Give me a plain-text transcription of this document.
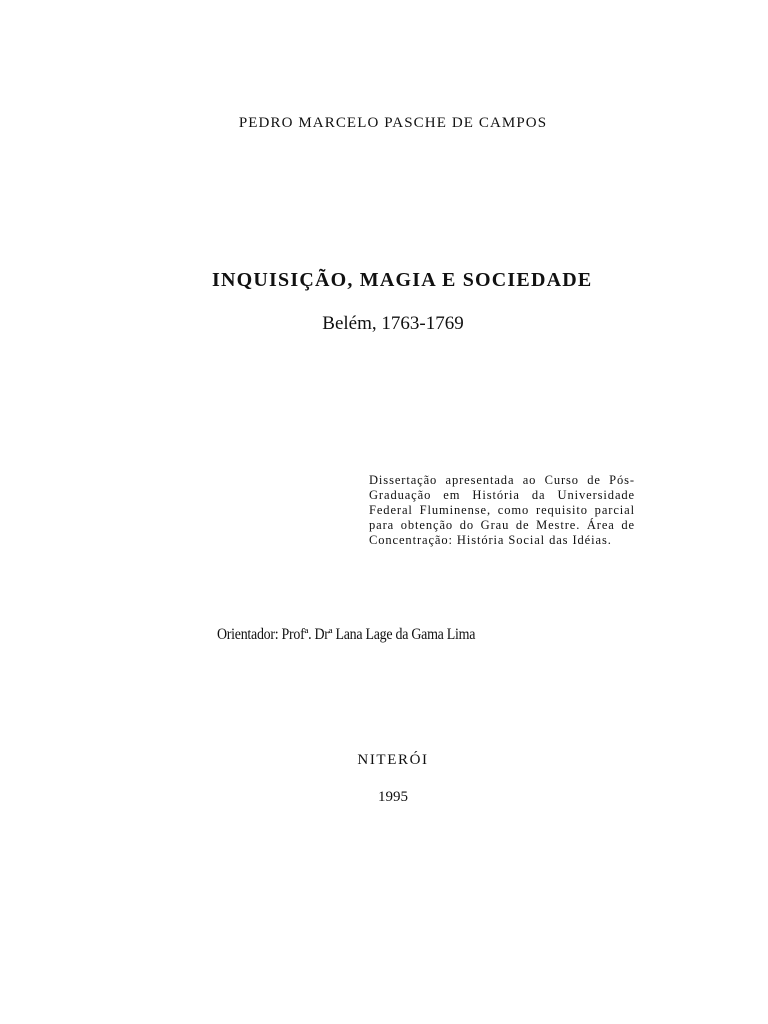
PEDRO MARCELO PASCHE DE CAMPOS
INQUISIÇÃO, MAGIA E SOCIEDADE
Belém, 1763-1769
Dissertação apresentada ao Curso de Pós-
Graduação em História da Universidade
Federal Fluminense, como requisito parcial
para obtenção do Grau de Mestre. Área de
Concentração: História Social das Idéias.
Orientador: Profª. Drª Lana Lage da Gama Lima
NITERÓI
1995
